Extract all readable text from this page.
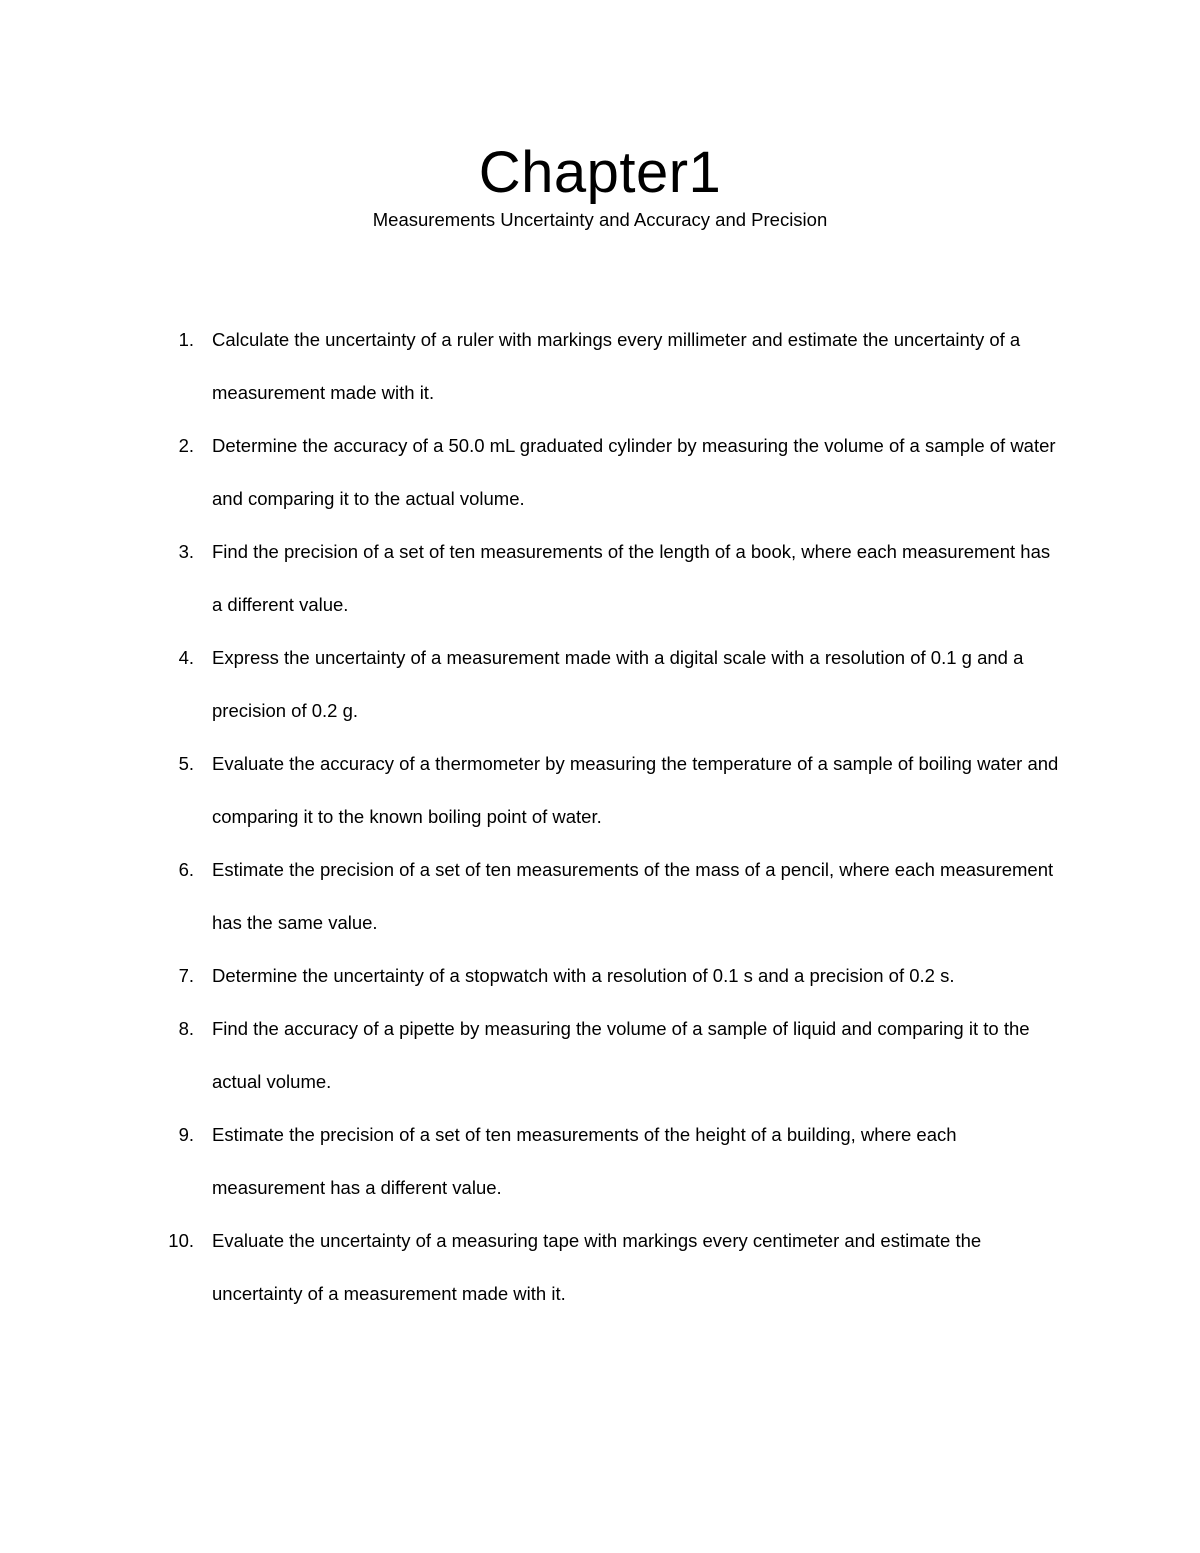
Chapter1
Measurements Uncertainty and Accuracy and Precision
1. Calculate the uncertainty of a ruler with markings every millimeter and estimate the uncertainty of a measurement made with it.
2. Determine the accuracy of a 50.0 mL graduated cylinder by measuring the volume of a sample of water and comparing it to the actual volume.
3. Find the precision of a set of ten measurements of the length of a book, where each measurement has a different value.
4. Express the uncertainty of a measurement made with a digital scale with a resolution of 0.1 g and a precision of 0.2 g.
5. Evaluate the accuracy of a thermometer by measuring the temperature of a sample of boiling water and comparing it to the known boiling point of water.
6. Estimate the precision of a set of ten measurements of the mass of a pencil, where each measurement has the same value.
7. Determine the uncertainty of a stopwatch with a resolution of 0.1 s and a precision of 0.2 s.
8. Find the accuracy of a pipette by measuring the volume of a sample of liquid and comparing it to the actual volume.
9. Estimate the precision of a set of ten measurements of the height of a building, where each measurement has a different value.
10. Evaluate the uncertainty of a measuring tape with markings every centimeter and estimate the uncertainty of a measurement made with it.
